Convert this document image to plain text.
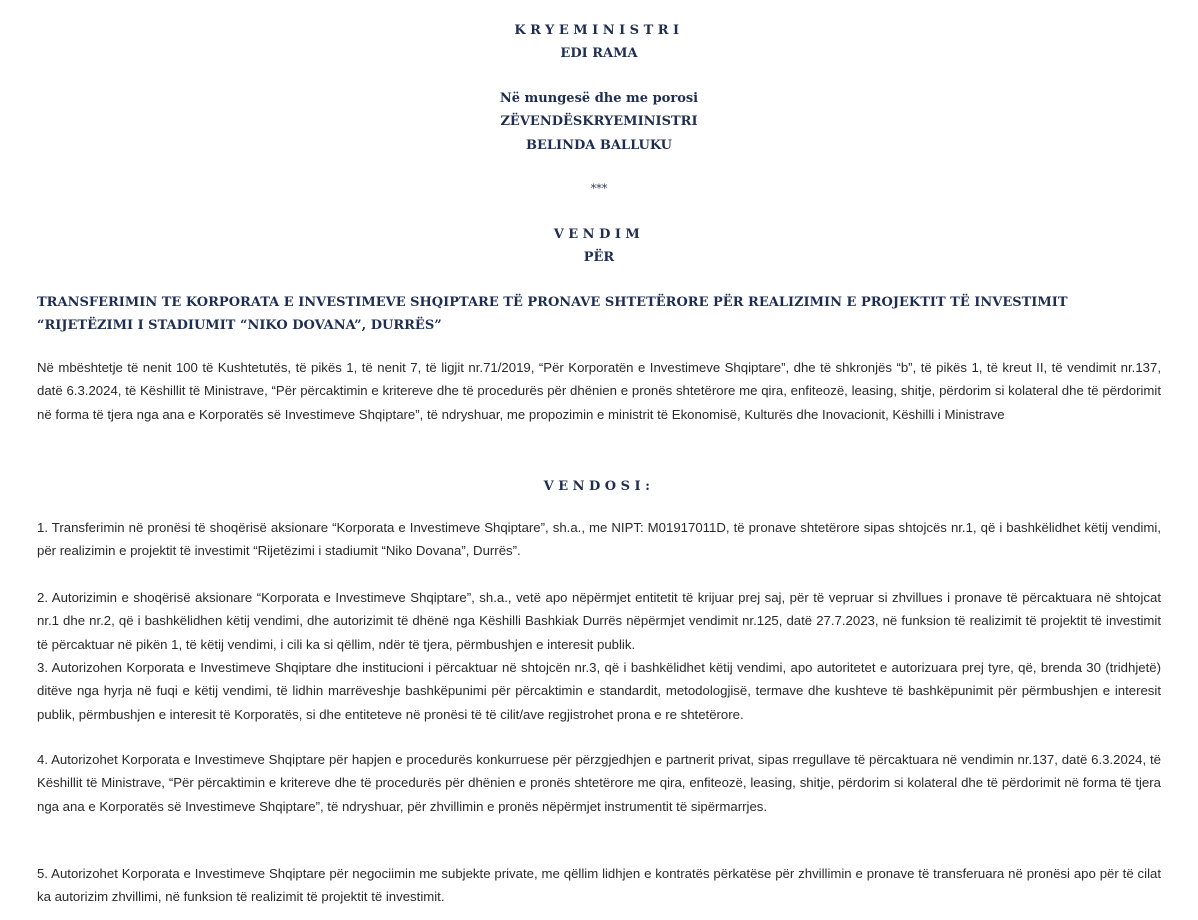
KRYEMINISTRI
EDI RAMA
Në mungesë dhe me porosi
ZËVENDËSKRYEMINISTRI
BELINDA BALLUKU
***
VENDIM
PËR
TRANSFERIMIN TE KORPORATA E INVESTIMEVE SHQIPTARE TË PRONAVE SHTETËRORE PËR REALIZIMIN E PROJEKTIT TË INVESTIMIT “RIJETËZIMI I STADIUMIT “NIKO DOVANA”, DURRËS”
Në mbështetje të nenit 100 të Kushtetutës, të pikës 1, të nenit 7, të ligjit nr.71/2019, “Për Korporatën e Investimeve Shqiptare”, dhe të shkronjës “b”, të pikës 1, të kreut II, të vendimit nr.137, datë 6.3.2024, të Këshillit të Ministrave, “Për përcaktimin e kritereve dhe të procedurës për dhënien e pronës shtetërore me qira, enfiteozë, leasing, shitje, përdorim si kolateral dhe të përdorimit në forma të tjera nga ana e Korporatës së Investimeve Shqiptare”, të ndryshuar, me propozimin e ministrit të Ekonomisë, Kulturës dhe Inovacionit, Këshilli i Ministrave
VENDOSI:
1. Transferimin në pronësi të shoqërisë aksionare “Korporata e Investimeve Shqiptare”, sh.a., me NIPT: M01917011D, të pronave shtetërore sipas shtojcës nr.1, që i bashkëlidhet këtij vendimi, për realizimin e projektit të investimit “Rijetëzimi i stadiumit “Niko Dovana”, Durrës”.
2. Autorizimin e shoqërisë aksionare “Korporata e Investimeve Shqiptare”, sh.a., vetë apo nëpërmjet entitetit të krijuar prej saj, për të vepruar si zhvillues i pronave të përcaktuara në shtojcat nr.1 dhe nr.2, që i bashkëlidhen këtij vendimi, dhe autorizimit të dhënë nga Këshilli Bashkiak Durrës nëpërmjet vendimit nr.125, datë 27.7.2023, në funksion të realizimit të projektit të investimit të përcaktuar në pikën 1, të këtij vendimi, i cili ka si qëllim, ndër të tjera, përmbushjen e interesit publik.
3. Autorizohen Korporata e Investimeve Shqiptare dhe institucioni i përcaktuar në shtojcën nr.3, që i bashkëlidhet këtij vendimi, apo autoritetet e autorizuara prej tyre, që, brenda 30 (tridhjetë) ditëve nga hyrja në fuqi e këtij vendimi, të lidhin marrëveshje bashkëpunimi për përcaktimin e standardit, metodologjisë, termave dhe kushteve të bashkëpunimit për përmbushjen e interesit publik, përmbushjen e interesit të Korporatës, si dhe entiteteve në pronësi të të cilit/ave regjistrohet prona e re shtetërore.
4. Autorizohet Korporata e Investimeve Shqiptare për hapjen e procedurës konkurruese për përzgjedhjen e partnerit privat, sipas rregullave të përcaktuara në vendimin nr.137, datë 6.3.2024, të Këshillit të Ministrave, “Për përcaktimin e kritereve dhe të procedurës për dhënien e pronës shtetërore me qira, enfiteozë, leasing, shitje, përdorim si kolateral dhe të përdorimit në forma të tjera nga ana e Korporatës së Investimeve Shqiptare”, të ndryshuar, për zhvillimin e pronës nëpërmjet instrumentit të sipërmarrjes.
5. Autorizohet Korporata e Investimeve Shqiptare për negociimin me subjekte private, me qëllim lidhjen e kontratës përkatëse për zhvillimin e pronave të transferuara në pronësi apo për të cilat ka autorizim zhvillimi, në funksion të realizimit të projektit të investimit.
